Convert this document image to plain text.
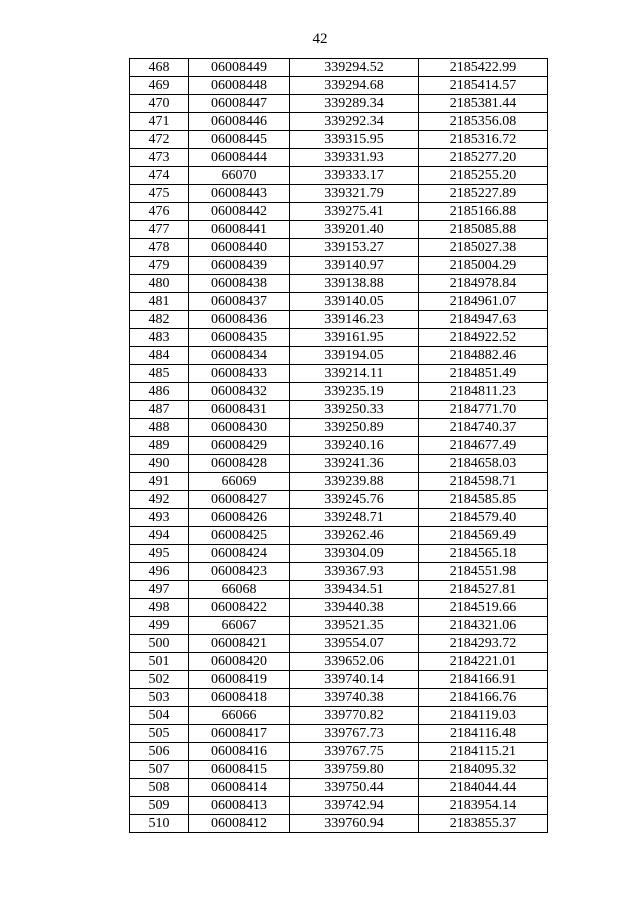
42
468	06008449	339294.52	2185422.99
469	06008448	339294.68	2185414.57
470	06008447	339289.34	2185381.44
471	06008446	339292.34	2185356.08
472	06008445	339315.95	2185316.72
473	06008444	339331.93	2185277.20
474	66070	339333.17	2185255.20
475	06008443	339321.79	2185227.89
476	06008442	339275.41	2185166.88
477	06008441	339201.40	2185085.88
478	06008440	339153.27	2185027.38
479	06008439	339140.97	2185004.29
480	06008438	339138.88	2184978.84
481	06008437	339140.05	2184961.07
482	06008436	339146.23	2184947.63
483	06008435	339161.95	2184922.52
484	06008434	339194.05	2184882.46
485	06008433	339214.11	2184851.49
486	06008432	339235.19	2184811.23
487	06008431	339250.33	2184771.70
488	06008430	339250.89	2184740.37
489	06008429	339240.16	2184677.49
490	06008428	339241.36	2184658.03
491	66069	339239.88	2184598.71
492	06008427	339245.76	2184585.85
493	06008426	339248.71	2184579.40
494	06008425	339262.46	2184569.49
495	06008424	339304.09	2184565.18
496	06008423	339367.93	2184551.98
497	66068	339434.51	2184527.81
498	06008422	339440.38	2184519.66
499	66067	339521.35	2184321.06
500	06008421	339554.07	2184293.72
501	06008420	339652.06	2184221.01
502	06008419	339740.14	2184166.91
503	06008418	339740.38	2184166.76
504	66066	339770.82	2184119.03
505	06008417	339767.73	2184116.48
506	06008416	339767.75	2184115.21
507	06008415	339759.80	2184095.32
508	06008414	339750.44	2184044.44
509	06008413	339742.94	2183954.14
510	06008412	339760.94	2183855.37
